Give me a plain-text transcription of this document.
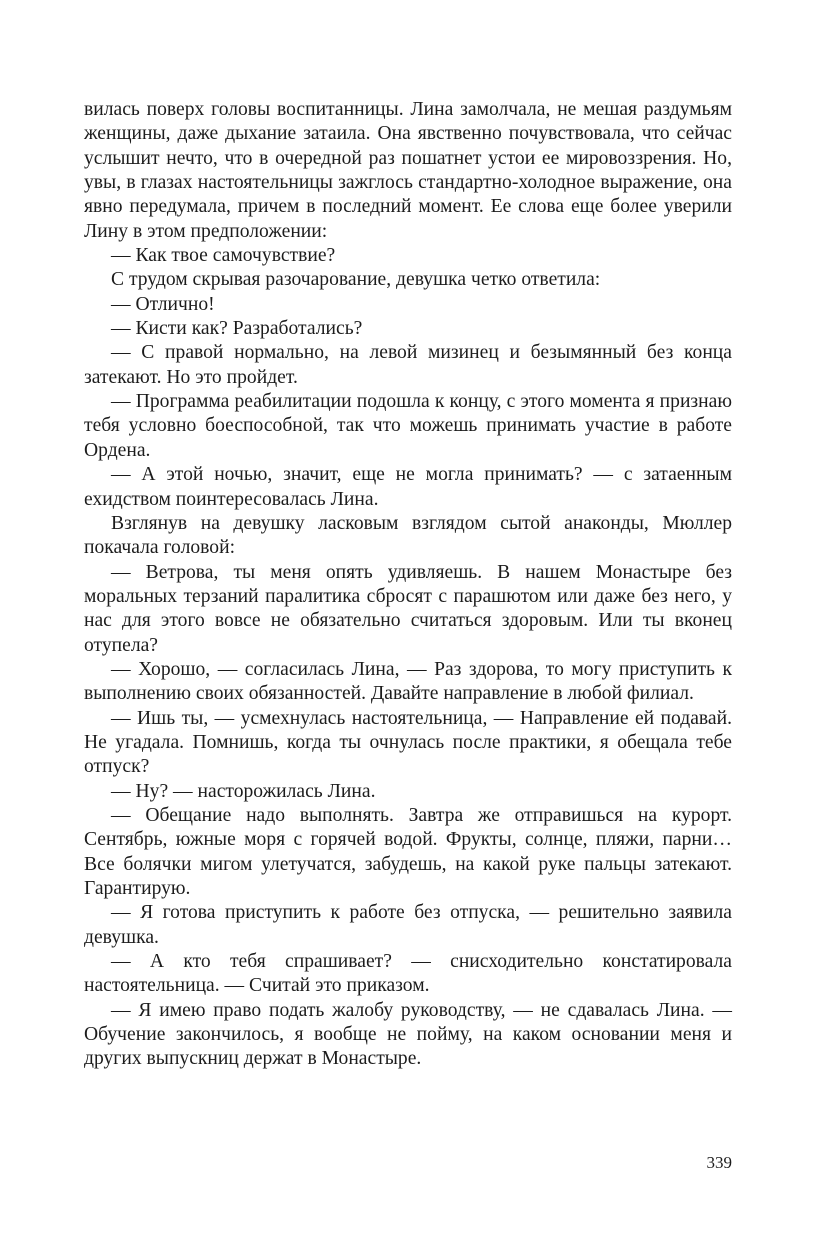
вилась поверх головы воспитанницы. Лина замолчала, не мешая раздумьям женщины, даже дыхание затаила. Она явственно почувствовала, что сейчас услышит нечто, что в очередной раз пошатнет устои ее мировоззрения. Но, увы, в глазах настоятельницы зажглось стандартно-холодное выражение, она явно передумала, причем в последний момент. Ее слова еще более уверили Лину в этом предположении:

— Как твое самочувствие?

С трудом скрывая разочарование, девушка четко ответила:

— Отлично!

— Кисти как? Разработались?

— С правой нормально, на левой мизинец и безымянный без конца затекают. Но это пройдет.

— Программа реабилитации подошла к концу, с этого момента я признаю тебя условно боеспособной, так что можешь принимать участие в работе Ордена.

— А этой ночью, значит, еще не могла принимать? — с затаенным ехидством поинтересовалась Лина.

Взглянув на девушку ласковым взглядом сытой анаконды, Мюллер покачала головой:

— Ветрова, ты меня опять удивляешь. В нашем Монастыре без моральных терзаний паралитика сбросят с парашютом или даже без него, у нас для этого вовсе не обязательно считаться здоровым. Или ты вконец отупела?

— Хорошо, — согласилась Лина, — Раз здорова, то могу приступить к выполнению своих обязанностей. Давайте направление в любой филиал.

— Ишь ты, — усмехнулась настоятельница, — Направление ей подавай. Не угадала. Помнишь, когда ты очнулась после практики, я обещала тебе отпуск?

— Ну? — насторожилась Лина.

— Обещание надо выполнять. Завтра же отправишься на курорт. Сентябрь, южные моря с горячей водой. Фрукты, солнце, пляжи, парни… Все болячки мигом улетучатся, забудешь, на какой руке пальцы затекают. Гарантирую.

— Я готова приступить к работе без отпуска, — решительно заявила девушка.

— А кто тебя спрашивает? — снисходительно констатировала настоятельница. — Считай это приказом.

— Я имею право подать жалобу руководству, — не сдавалась Лина. — Обучение закончилось, я вообще не пойму, на каком основании меня и других выпускниц держат в Монастыре.

339
